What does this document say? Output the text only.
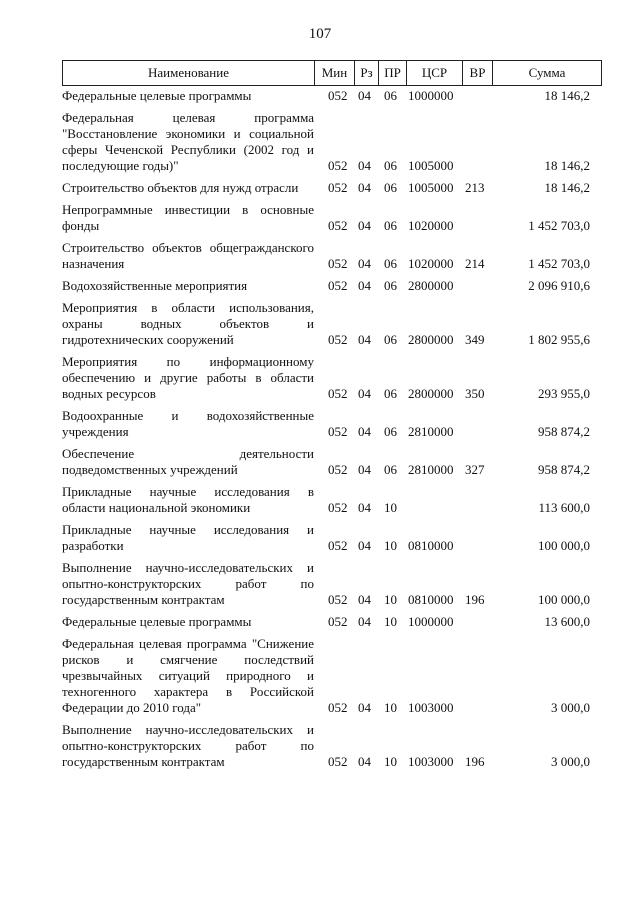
107
Наименование	Мин	Рз ПР	ЦСР	ВР	Сумма
Федеральные целевые программы	052 04 06 1000000	18 146,2
Федеральная целевая программа "Восстановление экономики и социальной сферы Чеченской Республики (2002 год и последующие годы)"	052 04 06 1005000	18 146,2
Строительство объектов для нужд отрасли	052 04 06 1005000 213	18 146,2
Непрограммные инвестиции в основные фонды	052 04 06 1020000	1 452 703,0
Строительство объектов общегражданского назначения	052 04 06 1020000 214	1 452 703,0
Водохозяйственные мероприятия	052 04 06 2800000	2 096 910,6
Мероприятия в области использования, охраны водных объектов и гидротехнических сооружений	052 04 06 2800000 349	1 802 955,6
Мероприятия по информационному обеспечению и другие работы в области водных ресурсов	052 04 06 2800000 350	293 955,0
Водоохранные и водохозяйственные учреждения	052 04 06 2810000	958 874,2
Обеспечение деятельности подведомственных учреждений	052 04 06 2810000 327	958 874,2
Прикладные научные исследования в области национальной экономики	052 04 10	113 600,0
Прикладные научные исследования и разработки	052 04 10 0810000	100 000,0
Выполнение научно-исследовательских и опытно-конструкторских работ по государственным контрактам	052 04 10 0810000 196	100 000,0
Федеральные целевые программы	052 04 10 1000000	13 600,0
Федеральная целевая программа "Снижение рисков и смягчение последствий чрезвычайных ситуаций природного и техногенного характера в Российской Федерации до 2010 года"	052 04 10 1003000	3 000,0
Выполнение научно-исследовательских и опытно-конструкторских работ по государственным контрактам	052 04 10 1003000 196	3 000,0
